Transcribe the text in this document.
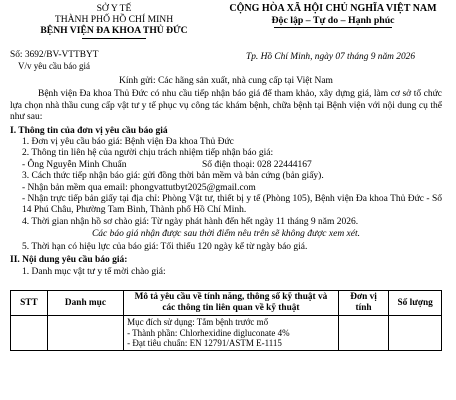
SỞ Y TẾ
THÀNH PHỐ HỒ CHÍ MINH
BỆNH VIỆN ĐA KHOA THỦ ĐỨC
CỘNG HÒA XÃ HỘI CHỦ NGHĨA VIỆT NAM
Độc lập – Tự do – Hạnh phúc
Số: 3692/BV-VTTBYT
V/v yêu cầu báo giá
Tp. Hồ Chí Minh, ngày 07 tháng 9 năm 2026

Kính gửi: Các hãng sản xuất, nhà cung cấp tại Việt Nam

Bệnh viện Đa khoa Thủ Đức có nhu cầu tiếp nhận báo giá để tham khảo, xây dựng giá, làm cơ sở tổ chức lựa chọn nhà thầu cung cấp vật tư y tế phục vụ công tác khám bệnh, chữa bệnh tại Bệnh viện với nội dung cụ thể như sau:

I. Thông tin của đơn vị yêu cầu báo giá

1. Đơn vị yêu cầu báo giá: Bệnh viện Đa khoa Thủ Đức

2. Thông tin liên hệ của người chịu trách nhiệm tiếp nhận báo giá:

- Ông Nguyễn Minh Chuẩn	Số điện thoại: 028 22444167

3. Cách thức tiếp nhận báo giá: gửi đồng thời bản mềm và bản cứng (bản giấy).

- Nhận bản mềm qua email: phongvattutbyt2025@gmail.com

- Nhận trực tiếp bản giấy tại địa chỉ: Phòng Vật tư, thiết bị y tế (Phòng 105), Bệnh viện Đa khoa Thủ Đức - Số 14 Phú Châu, Phường Tam Bình, Thành phố Hồ Chí Minh.

4. Thời gian nhận hồ sơ chào giá: Từ ngày phát hành đến hết ngày 11 tháng 9 năm 2026.

Các báo giá nhận được sau thời điểm nêu trên sẽ không được xem xét.

5. Thời hạn có hiệu lực của báo giá: Tối thiểu 120 ngày kể từ ngày báo giá.

II. Nội dung yêu cầu báo giá:

1. Danh mục vật tư y tế mời chào giá:

STT	Danh mục	Mô tả yêu cầu về tính năng, thông số kỹ thuật và các thông tin liên quan về kỹ thuật	Đơn vị tính	Số lượng

		Mục đích sử dụng: Tắm bệnh trước mổ
- Thành phần: Chlorhexidine digluconate 4%
- Đạt tiêu chuẩn: EN 12791/ASTM E-1115		
